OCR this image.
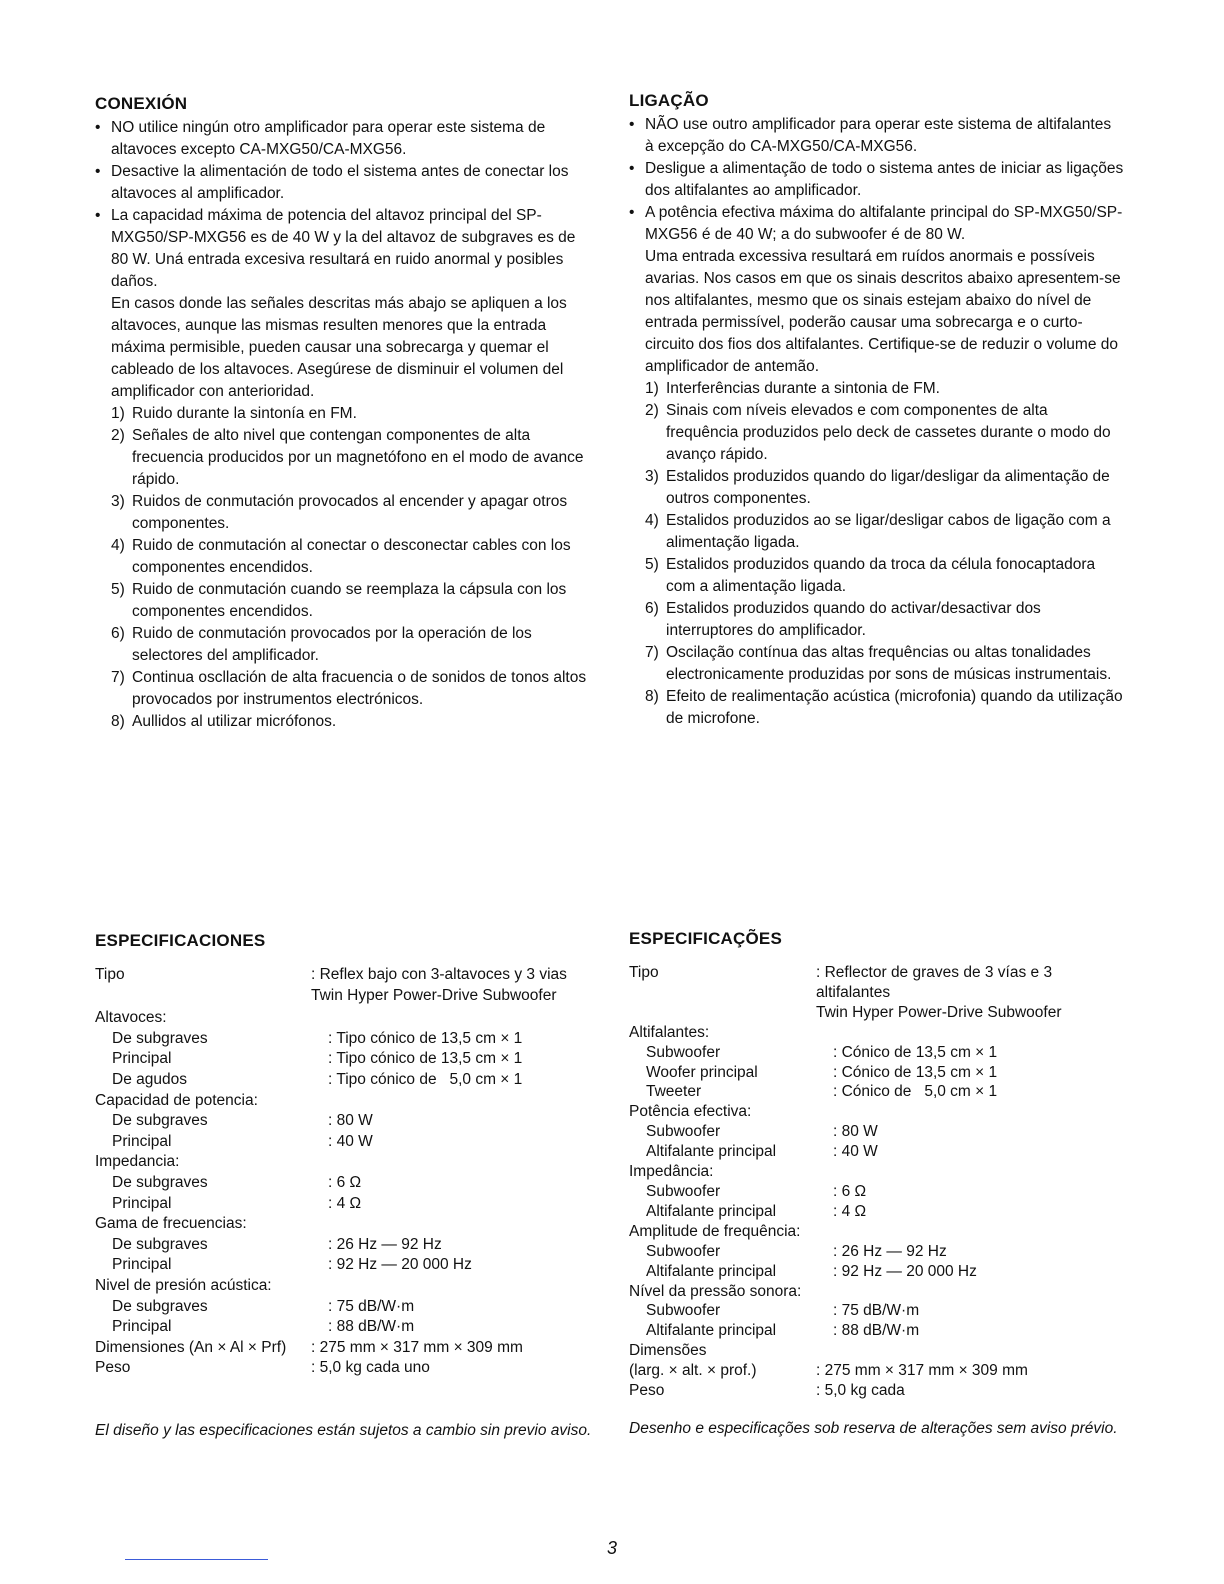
CONEXIÓN
• NO utilice ningún otro amplificador para operar este sistema de altavoces excepto CA-MXG50/CA-MXG56.
• Desactive la alimentación de todo el sistema antes de conectar los altavoces al amplificador.
• La capacidad máxima de potencia del altavoz principal del SP-MXG50/SP-MXG56 es de 40 W y la del altavoz de subgraves es de 80 W. Uná entrada excesiva resultará en ruido anormal y posibles daños.

En casos donde las señales descritas más abajo se apliquen a los altavoces, aunque las mismas resulten menores que la entrada máxima permisible, pueden causar una sobrecarga y quemar el cableado de los altavoces. Asegúrese de disminuir el volumen del amplificador con anterioridad.

1) Ruido durante la sintonía en FM.
2) Señales de alto nivel que contengan componentes de alta frecuencia producidos por un magnetófono en el modo de avance rápido.
3) Ruidos de conmutación provocados al encender y apagar otros componentes.
4) Ruido de conmutación al conectar o desconectar cables con los componentes encendidos.
5) Ruido de conmutación cuando se reemplaza la cápsula con los componentes encendidos.
6) Ruido de conmutación provocados por la operación de los selectores del amplificador.
7) Continua oscllación de alta fracuencia o de sonidos de tonos altos provocados por instrumentos electrónicos.
8) Aullidos al utilizar micrófonos.
LIGAÇÃO
• NÃO use outro amplificador para operar este sistema de altifalantes à excepção do CA-MXG50/CA-MXG56.
• Desligue a alimentação de todo o sistema antes de iniciar as ligações dos altifalantes ao amplificador.
• A potência efectiva máxima do altifalante principal do SP-MXG50/SP-MXG56 é de 40 W; a do subwoofer é de 80 W.

Uma entrada excessiva resultará em ruídos anormais e possíveis avarias. Nos casos em que os sinais descritos abaixo apresentem-se nos altifalantes, mesmo que os sinais estejam abaixo do nível de entrada permissível, poderão causar uma sobrecarga e o curto-circuito dos fios dos altifalantes. Certifique-se de reduzir o volume do amplificador de antemão.

1) Interferências durante a sintonia de FM.
2) Sinais com níveis elevados e com componentes de alta frequência produzidos pelo deck de cassetes durante o modo do avanço rápido.
3) Estalidos produzidos quando do ligar/desligar da alimentação de outros componentes.
4) Estalidos produzidos ao se ligar/desligar cabos de ligação com a alimentação ligada.
5) Estalidos produzidos quando da troca da célula fonocaptadora com a alimentação ligada.
6) Estalidos produzidos quando do activar/desactivar dos interruptores do amplificador.
7) Oscilação contínua das altas frequências ou altas tonalidades electronicamente produzidas por sons de músicas instrumentais.
8) Efeito de realimentação acústica (microfonia) quando da utilização de microfone.
ESPECIFICACIONES
Tipo	: Reflex bajo con 3-altavoces y 3 vias
Twin Hyper Power-Drive Subwoofer
Altavoces:
De subgraves	: Tipo cónico de 13,5 cm × 1
Principal	: Tipo cónico de 13,5 cm × 1
De agudos	: Tipo cónico de   5,0 cm × 1
Capacidad de potencia:
De subgraves	: 80 W
Principal	: 40 W
Impedancia:
De subgraves	: 6 Ω
Principal	: 4 Ω
Gama de frecuencias:
De subgraves	: 26 Hz — 92 Hz
Principal	: 92 Hz — 20 000 Hz
Nivel de presión acústica:
De subgraves	: 75 dB/W·m
Principal	: 88 dB/W·m
Dimensiones (An × Al × Prf)	: 275 mm × 317 mm × 309 mm
Peso	: 5,0 kg cada uno
ESPECIFICAÇÕES
Tipo	: Reflector de graves de 3 vías e 3
altifalantes
Twin Hyper Power-Drive Subwoofer
Altifalantes:
Subwoofer	: Cónico de 13,5 cm × 1
Woofer principal	: Cónico de 13,5 cm × 1
Tweeter	: Cónico de   5,0 cm × 1
Potência efectiva:
Subwoofer	: 80 W
Altifalante principal	: 40 W
Impedância:
Subwoofer	: 6 Ω
Altifalante principal	: 4 Ω
Amplitude de frequência:
Subwoofer	: 26 Hz — 92 Hz
Altifalante principal	: 92 Hz — 20 000 Hz
Nível da pressão sonora:
Subwoofer	: 75 dB/W·m
Altifalante principal	: 88 dB/W·m
Dimensões
(larg. × alt. × prof.)	: 275 mm × 317 mm × 309 mm
Peso	: 5,0 kg cada
El diseño y las especificaciones están sujetos a cambio sin previo aviso. Desenho e especificações sob reserva de alterações sem aviso prévio.
3
